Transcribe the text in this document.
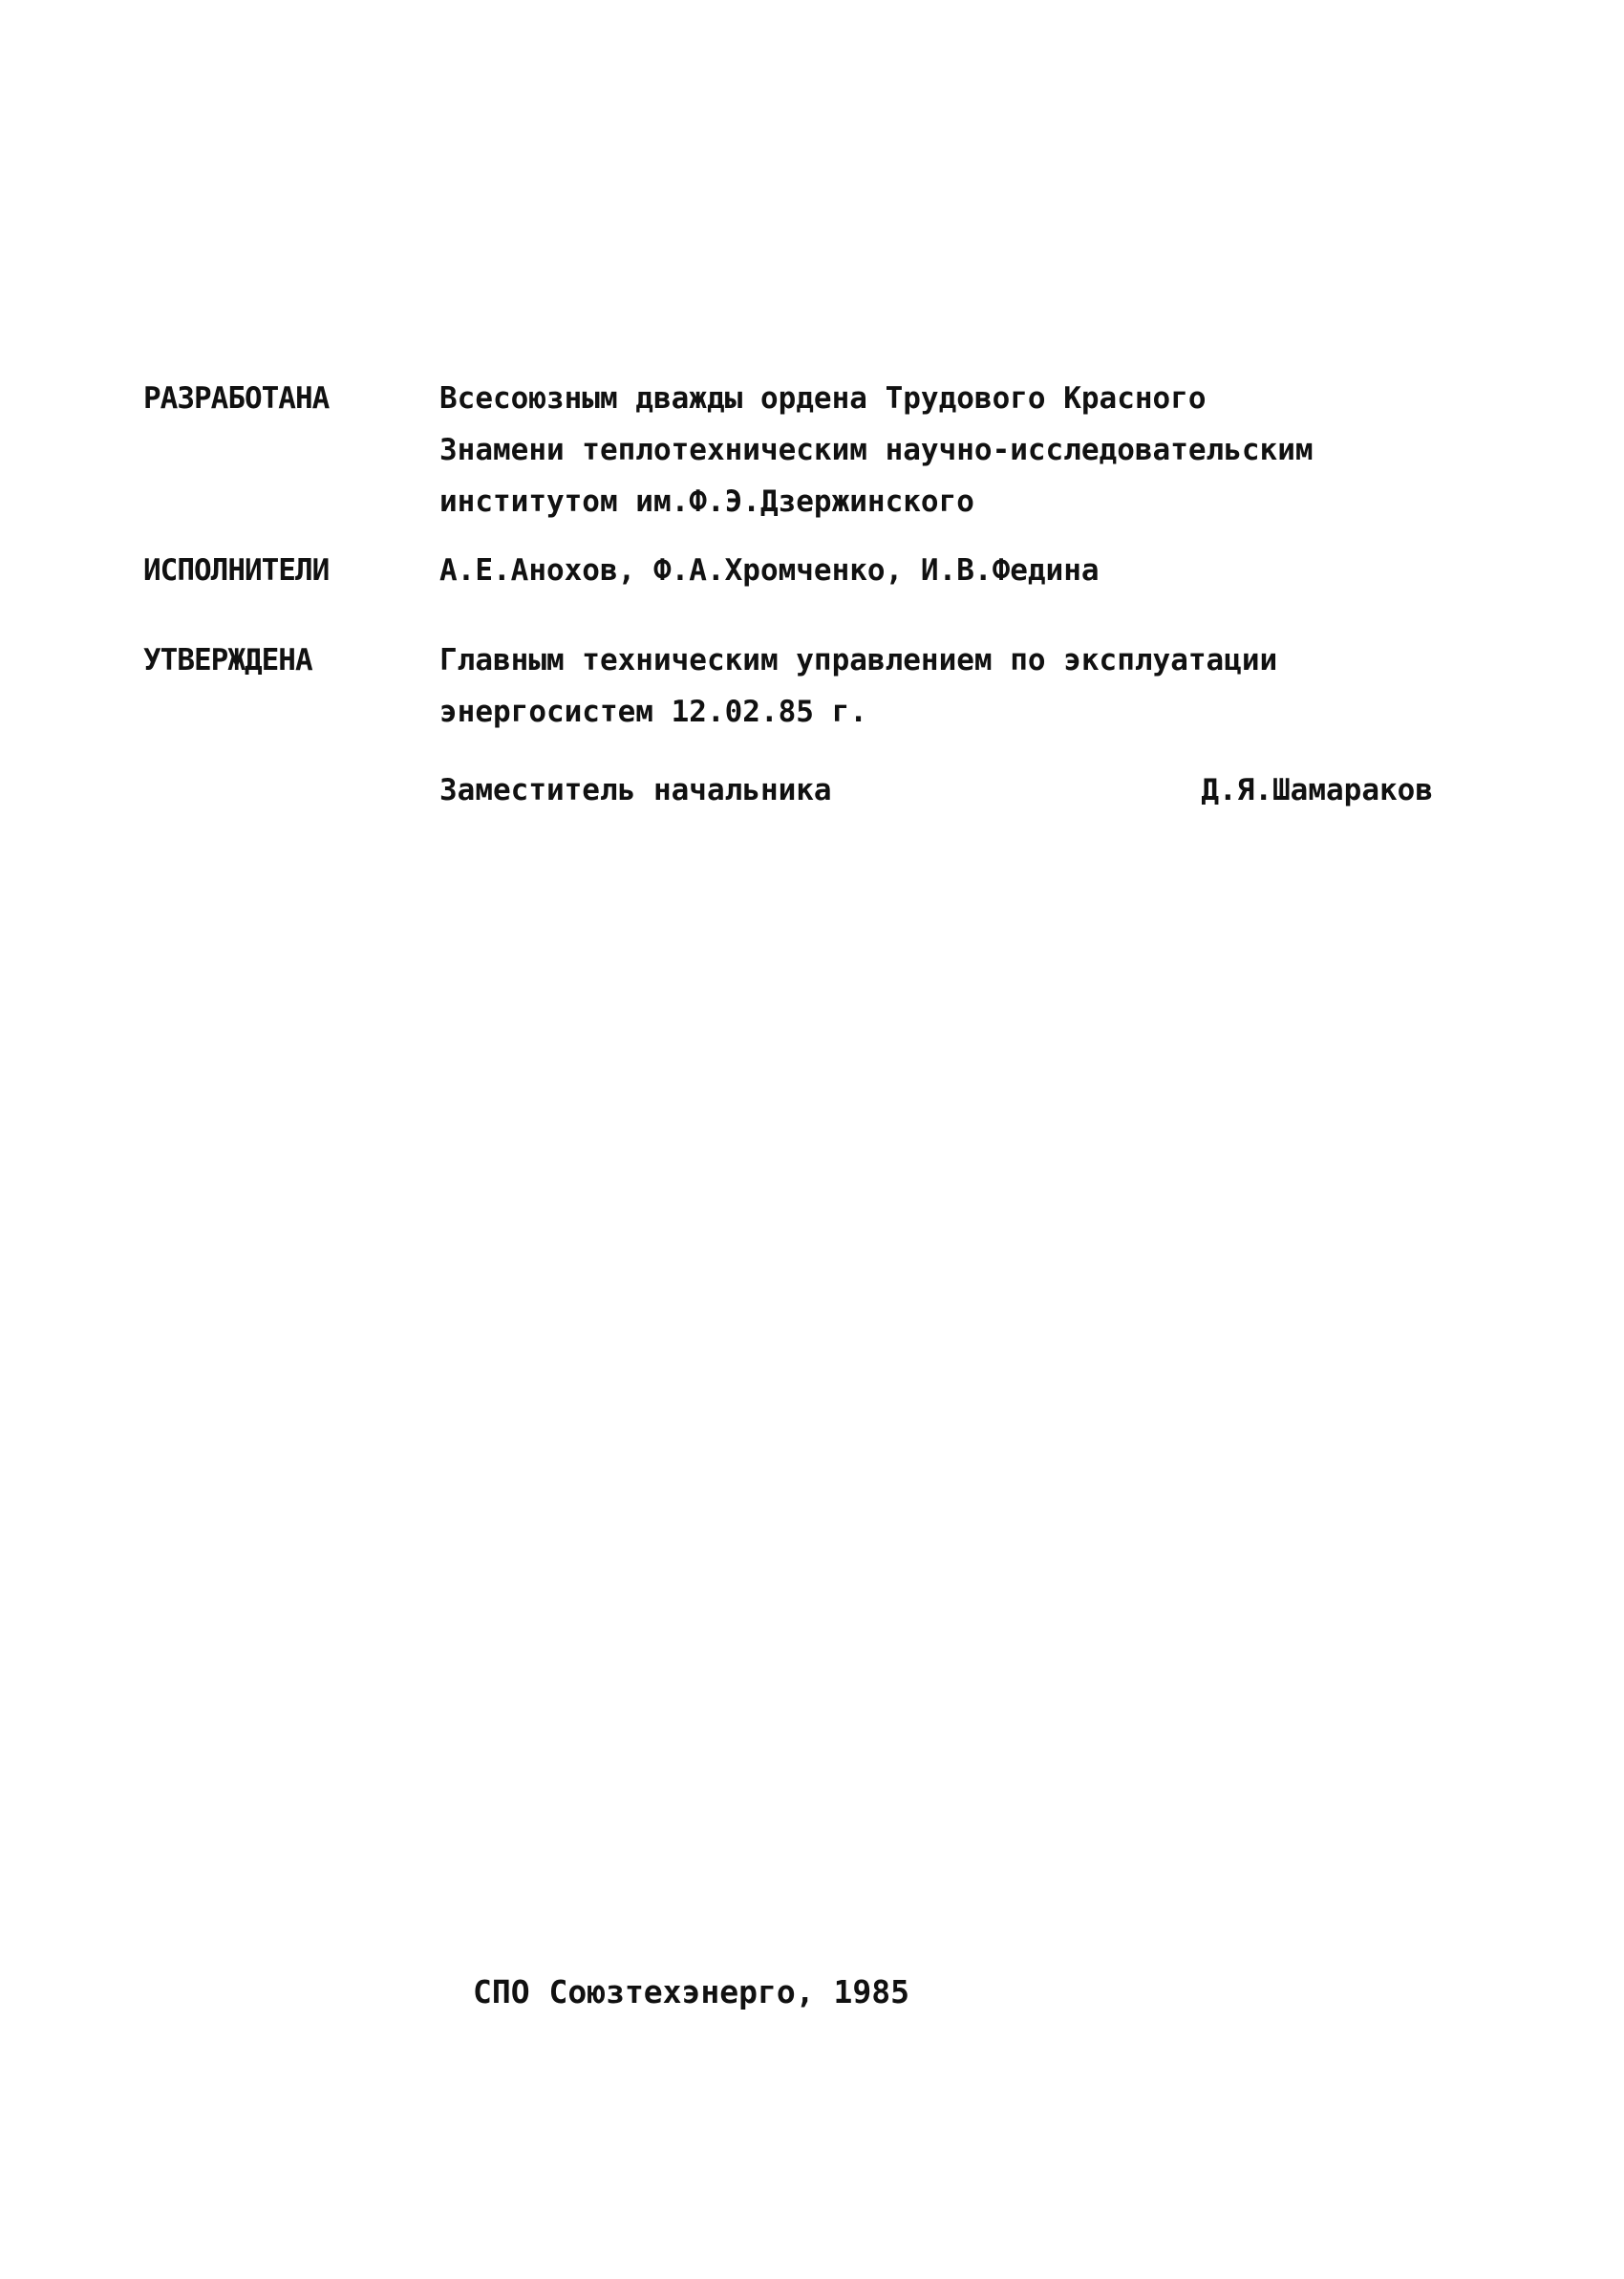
РАЗРАБОТАНА	Всесоюзным дважды ордена Трудового Красного
Знамени теплотехническим научно-исследовательским
институтом им.Ф.Э.Дзержинского
ИСПОЛНИТЕЛИ	А.Е.Анохов, Ф.А.Хромченко, И.В.Федина
УТВЕРЖДЕНА	Главным техническим управлением по эксплуатации
энергосистем 12.02.85 г.
Заместитель начальника	Д.Я.Шамараков
СПО Союзтехэнерго, 1985
